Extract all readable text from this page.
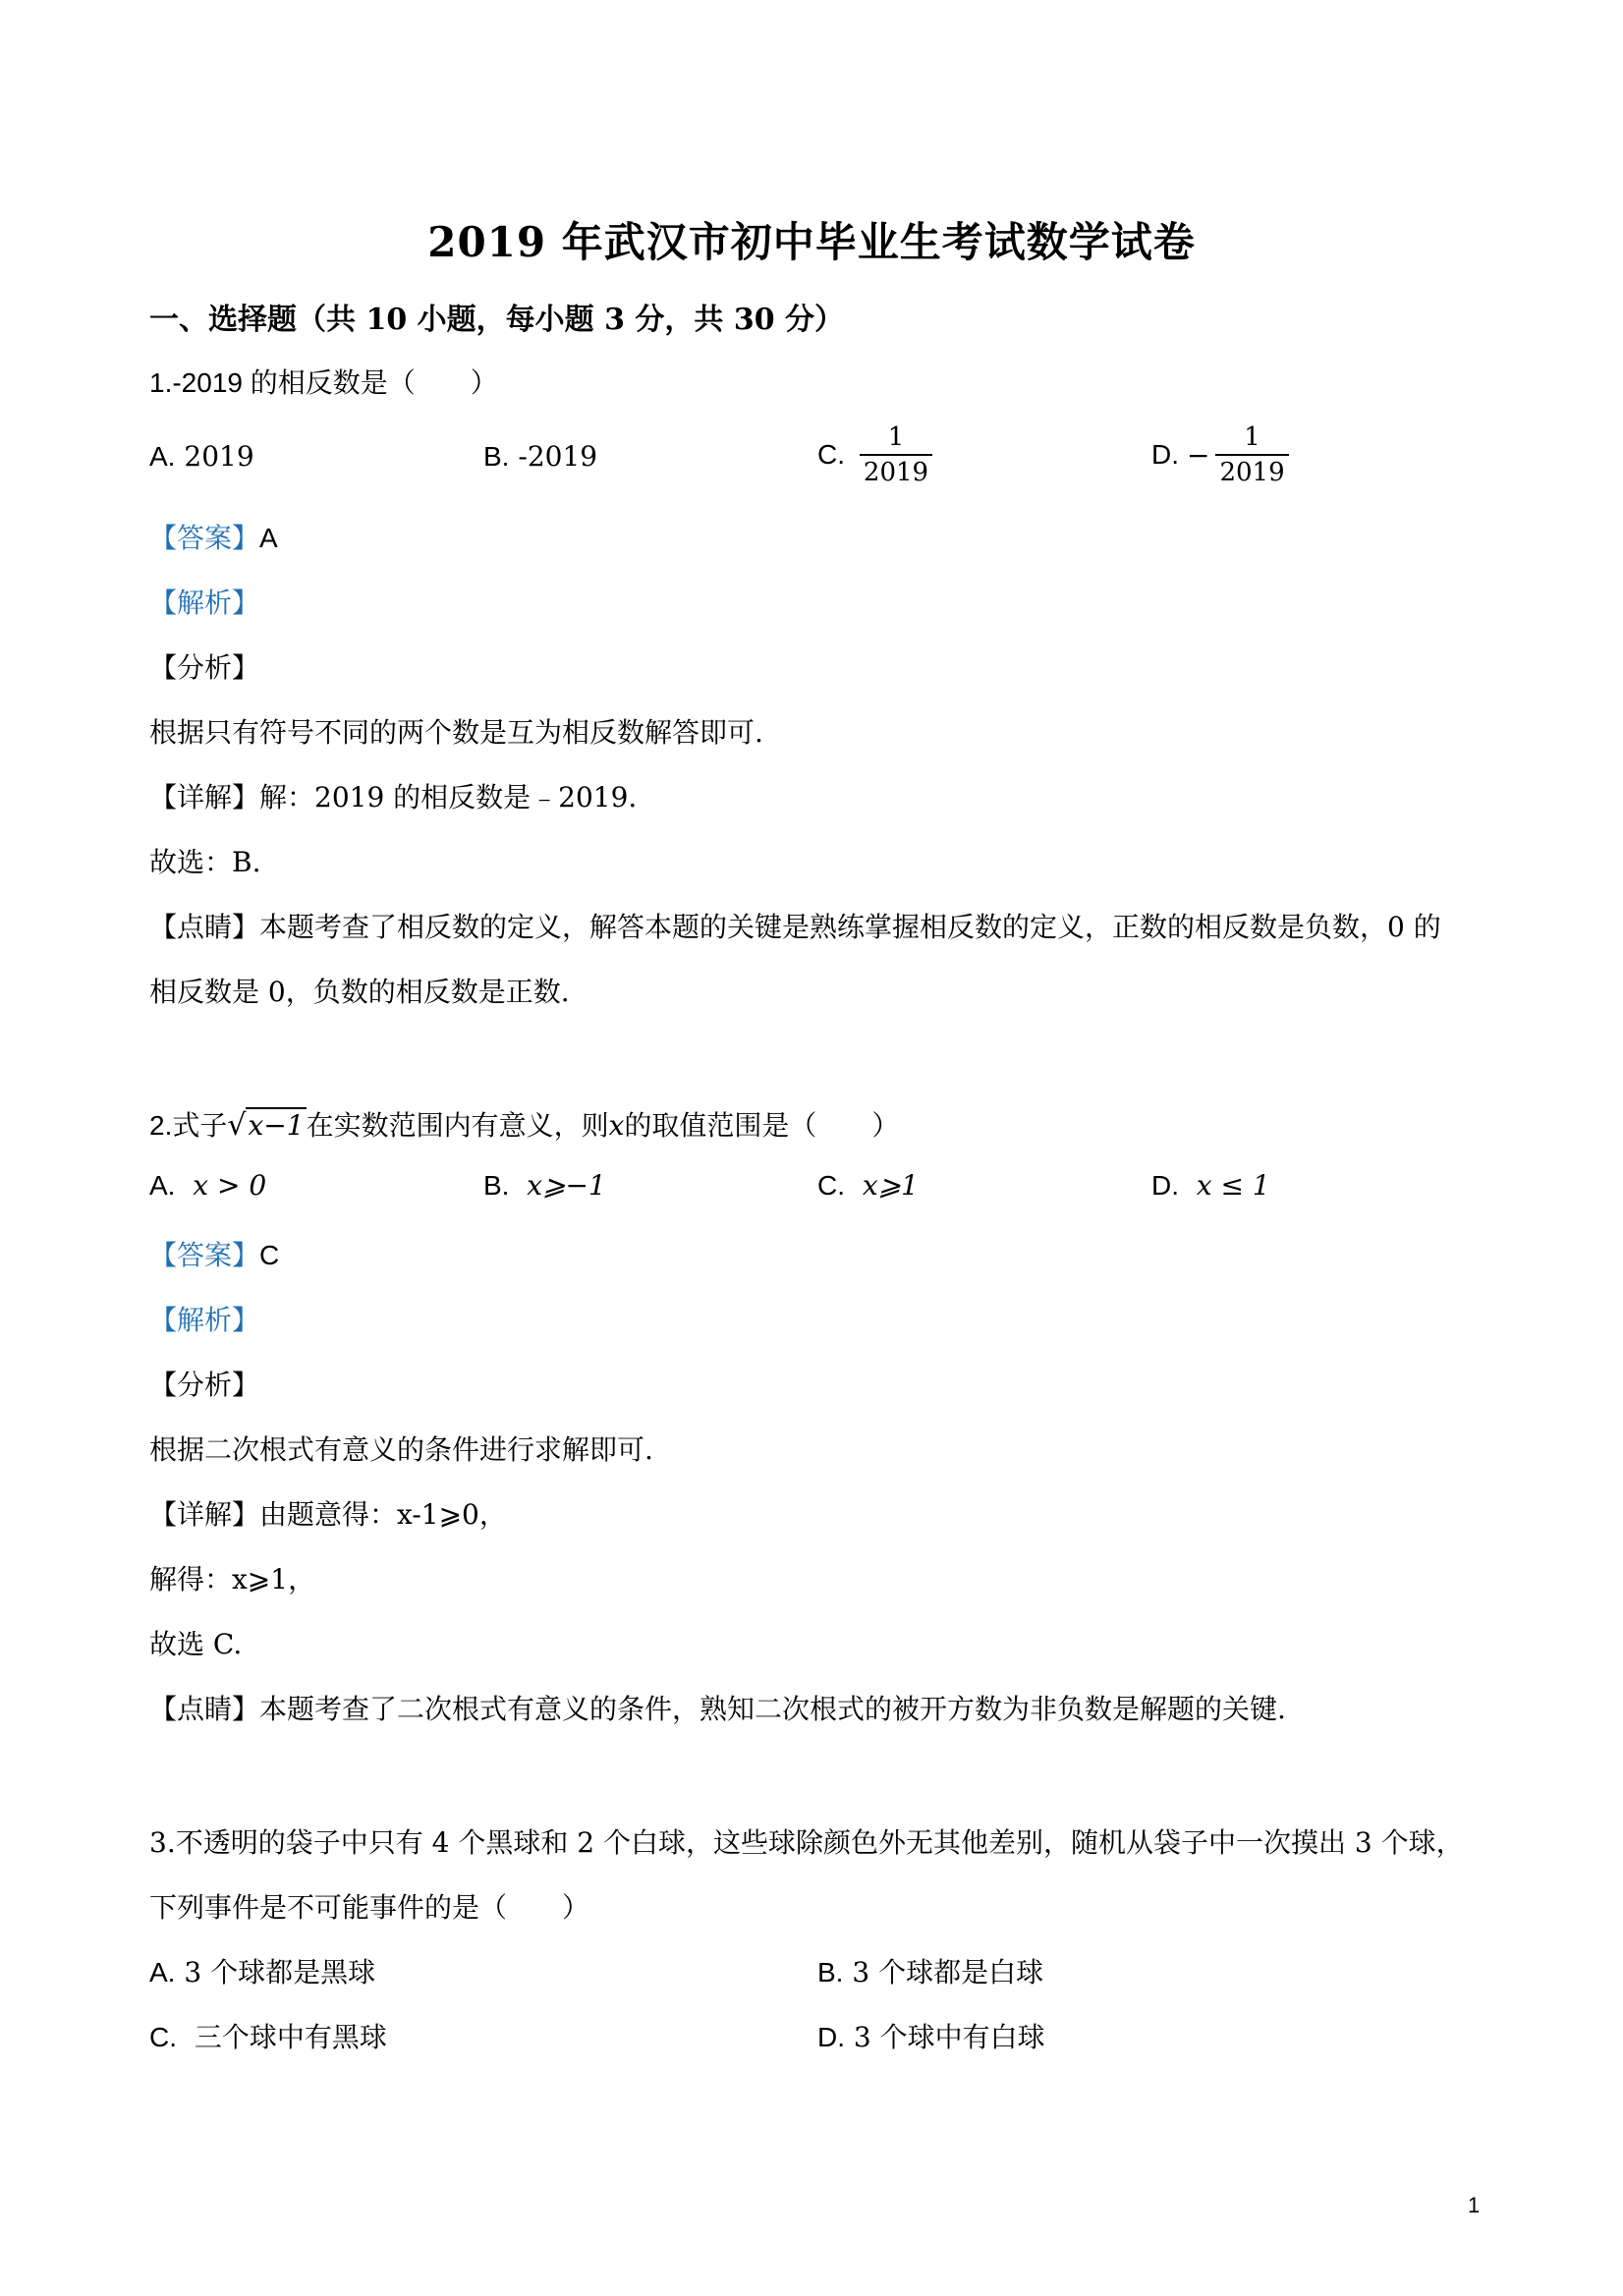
2019 年武汉市初中毕业生考试数学试卷
一、选择题（共 10 小题，每小题 3 分，共 30 分）
1.-2019 的相反数是（　　）
A. 2019	B. -2019	C. $\frac{1}{2019}$	D. − $\frac{1}{2019}$
【答案】A
【解析】
【分析】
根据只有符号不同的两个数是互为相反数解答即可.
【详解】解：2019 的相反数是﹣2019.
故选：B.
【点睛】本题考查了相反数的定义，解答本题的关键是熟练掌握相反数的定义，正数的相反数是负数，0 的
相反数是 0，负数的相反数是正数.
2.式子√x−1在实数范围内有意义，则x的取值范围是（　　）
A. x > 0	B. x⩾−1	C. x⩾1	D. x ≤ 1
【答案】C
【解析】
【分析】
根据二次根式有意义的条件进行求解即可.
【详解】由题意得：x-1⩾0，
解得：x⩾1，
故选 C.
【点睛】本题考查了二次根式有意义的条件，熟知二次根式的被开方数为非负数是解题的关键.
3.不透明的袋子中只有 4 个黑球和 2 个白球，这些球除颜色外无其他差别，随机从袋子中一次摸出 3 个球，
下列事件是不可能事件的是（　　）
A. 3 个球都是黑球	B. 3 个球都是白球
C. 三个球中有黑球	D. 3 个球中有白球
1
